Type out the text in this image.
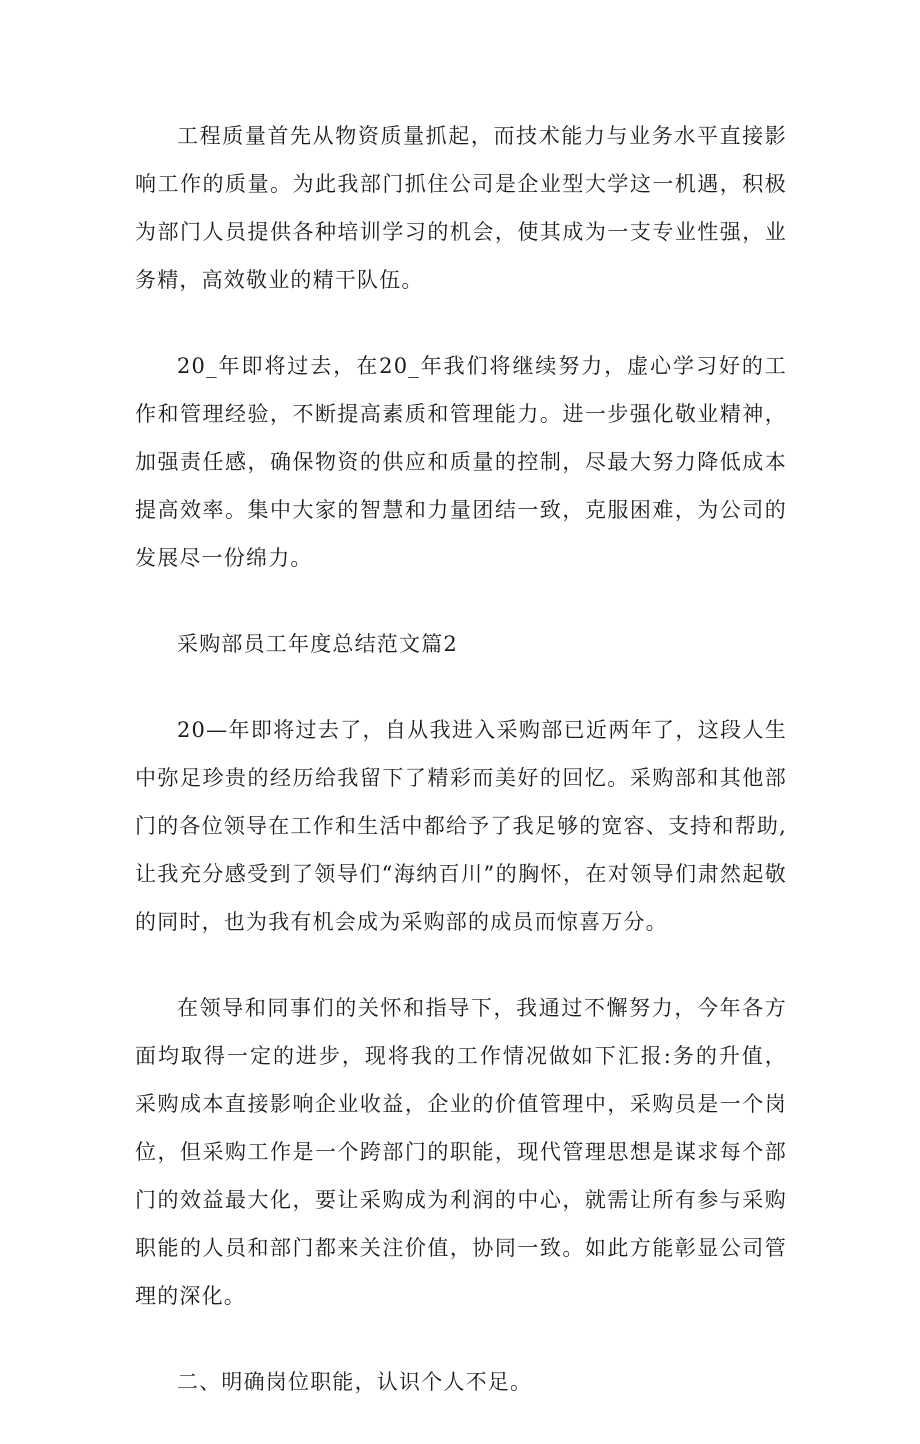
工程质量首先从物资质量抓起，而技术能力与业务水平直接影响工作的质量。为此我部门抓住公司是企业型大学这一机遇，积极为部门人员提供各种培训学习的机会，使其成为一支专业性强，业务精，高效敬业的精干队伍。

20_年即将过去，在20_年我们将继续努力，虚心学习好的工作和管理经验，不断提高素质和管理能力。进一步强化敬业精神，加强责任感，确保物资的供应和质量的控制，尽最大努力降低成本提高效率。集中大家的智慧和力量团结一致，克服困难，为公司的发展尽一份绵力。

采购部员工年度总结范文篇2

20—年即将过去了，自从我进入采购部已近两年了，这段人生中弥足珍贵的经历给我留下了精彩而美好的回忆。采购部和其他部门的各位领导在工作和生活中都给予了我足够的宽容、支持和帮助,让我充分感受到了领导们“海纳百川”的胸怀，在对领导们肃然起敬的同时，也为我有机会成为采购部的成员而惊喜万分。

在领导和同事们的关怀和指导下，我通过不懈努力，今年各方面均取得一定的进步，现将我的工作情况做如下汇报:务的升值，采购成本直接影响企业收益，企业的价值管理中，采购员是一个岗位，但采购工作是一个跨部门的职能，现代管理思想是谋求每个部门的效益最大化，要让采购成为利润的中心，就需让所有参与采购职能的人员和部门都来关注价值，协同一致。如此方能彰显公司管理的深化。

二、明确岗位职能，认识个人不足。
